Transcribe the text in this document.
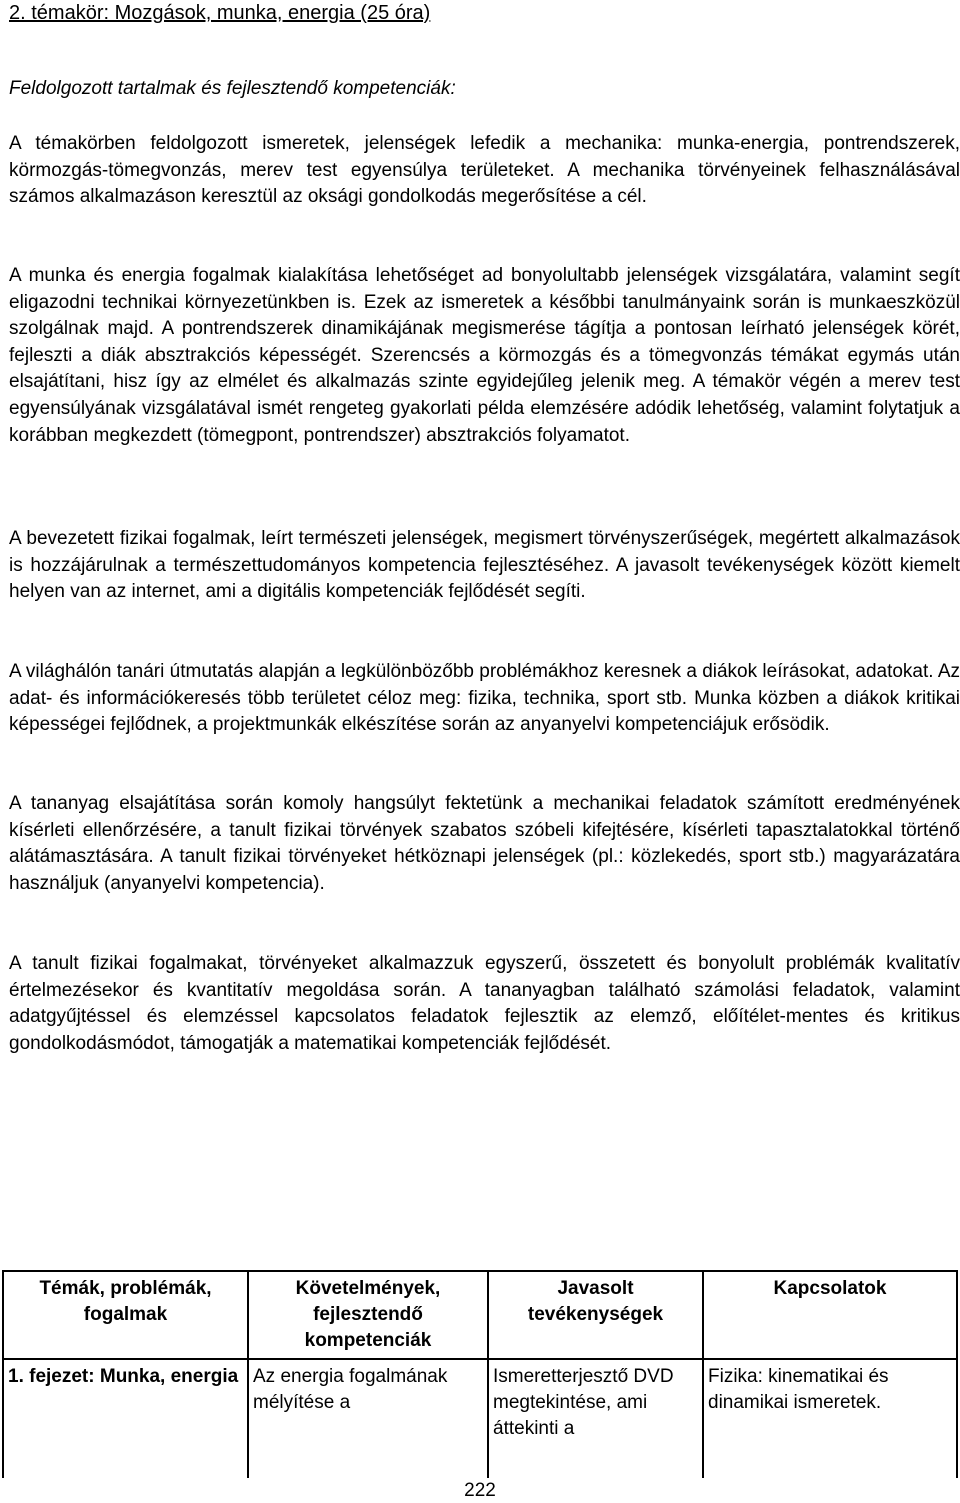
2. témakör: Mozgások, munka, energia (25 óra)
Feldolgozott tartalmak és fejlesztendő kompetenciák:

A témakörben feldolgozott ismeretek, jelenségek lefedik a mechanika: munka-energia, pontrendszerek, körmozgás-tömegvonzás, merev test egyensúlya területeket. A mechanika törvényeinek felhasználásával számos alkalmazáson keresztül az oksági gondolkodás megerősítése a cél.

A munka és energia fogalmak kialakítása lehetőséget ad bonyolultabb jelenségek vizsgálatára, valamint segít eligazodni technikai környezetünkben is. Ezek az ismeretek a későbbi tanulmányaink során is munkaeszközül szolgálnak majd. A pontrendszerek dinamikájának megismerése tágítja a pontosan leírható jelenségek körét, fejleszti a diák absztrakciós képességét. Szerencsés a körmozgás és a tömegvonzás témákat egymás után elsajátítani, hisz így az elmélet és alkalmazás szinte egyidejűleg jelenik meg. A témakör végén a merev test egyensúlyának vizsgálatával ismét rengeteg gyakorlati példa elemzésére adódik lehetőség, valamint folytatjuk a korábban megkezdett (tömegpont, pontrendszer) absztrakciós folyamatot.

A bevezetett fizikai fogalmak, leírt természeti jelenségek, megismert törvényszerűségek, megértett alkalmazások is hozzájárulnak a természettudományos kompetencia fejlesztéséhez. A javasolt tevékenységek között kiemelt helyen van az internet, ami a digitális kompetenciák fejlődését segíti.

A világhálón tanári útmutatás alapján a legkülönbözőbb problémákhoz keresnek a diákok leírásokat, adatokat. Az adat- és információkeresés több területet céloz meg: fizika, technika, sport stb. Munka közben a diákok kritikai képességei fejlődnek, a projektmunkák elkészítése során az anyanyelvi kompetenciájuk erősödik.

A tananyag elsajátítása során komoly hangsúlyt fektetünk a mechanikai feladatok számított eredményének kísérleti ellenőrzésére, a tanult fizikai törvények szabatos szóbeli kifejtésére, kísérleti tapasztalatokkal történő alátámasztására. A tanult fizikai törvényeket hétköznapi jelenségek (pl.: közlekedés, sport stb.) magyarázatára használjuk (anyanyelvi kompetencia).

A tanult fizikai fogalmakat, törvényeket alkalmazzuk egyszerű, összetett és bonyolult problémák kvalitatív értelmezésekor és kvantitatív megoldása során. A tananyagban található számolási feladatok, valamint adatgyűjtéssel és elemzéssel kapcsolatos feladatok fejlesztik az elemző, előítélet-mentes és kritikus gondolkodásmódot, támogatják a matematikai kompetenciák fejlődését.

Témák, problémák, fogalmak	Követelmények, fejlesztendő kompetenciák	Javasolt tevékenységek	Kapcsolatok
1. fejezet: Munka, energia	Az energia fogalmának mélyítése a	Ismeretterjesztő DVD megtekintése, ami áttekinti a	Fizika: kinematikai és dinamikai ismeretek.
222
